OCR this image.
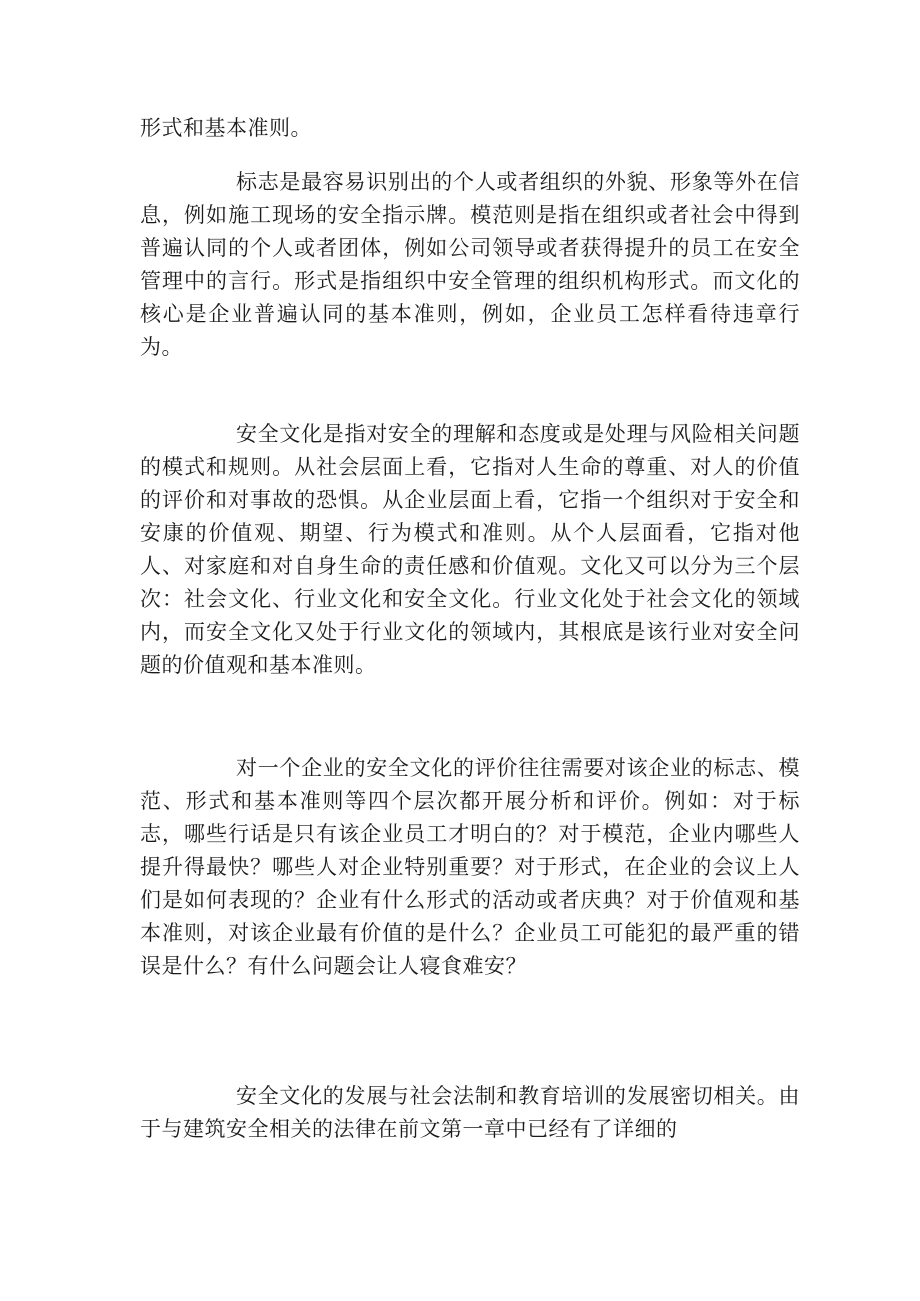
形式和基本准则。

标志是最容易识别出的个人或者组织的外貌、形象等外在信息，例如施工现场的安全指示牌。模范则是指在组织或者社会中得到普遍认同的个人或者团体，例如公司领导或者获得提升的员工在安全管理中的言行。形式是指组织中安全管理的组织机构形式。而文化的核心是企业普遍认同的基本准则，例如，企业员工怎样看待违章行为。

安全文化是指对安全的理解和态度或是处理与风险相关问题的模式和规则。从社会层面上看，它指对人生命的尊重、对人的价值的评价和对事故的恐惧。从企业层面上看，它指一个组织对于安全和安康的价值观、期望、行为模式和准则。从个人层面看，它指对他人、对家庭和对自身生命的责任感和价值观。文化又可以分为三个层次：社会文化、行业文化和安全文化。行业文化处于社会文化的领域内，而安全文化又处于行业文化的领域内，其根底是该行业对安全问题的价值观和基本准则。

对一个企业的安全文化的评价往往需要对该企业的标志、模范、形式和基本准则等四个层次都开展分析和评价。例如：对于标志，哪些行话是只有该企业员工才明白的？对于模范，企业内哪些人提升得最快？哪些人对企业特别重要？对于形式，在企业的会议上人们是如何表现的？企业有什么形式的活动或者庆典？对于价值观和基本准则，对该企业最有价值的是什么？企业员工可能犯的最严重的错误是什么？有什么问题会让人寝食难安？

安全文化的发展与社会法制和教育培训的发展密切相关。由于与建筑安全相关的法律在前文第一章中已经有了详细的
